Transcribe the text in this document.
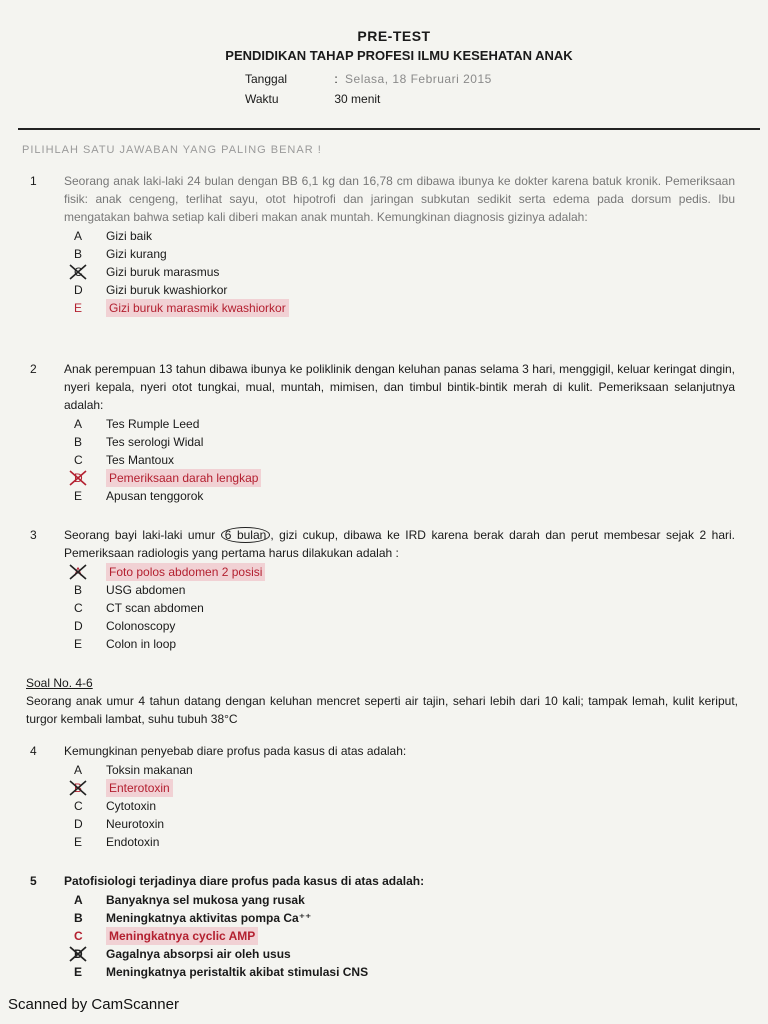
PRE-TEST
PENDIDIKAN TAHAP PROFESI ILMU KESEHATAN ANAK
Tanggal	: Selasa, 18 Februari 2015
Waktu	30 menit
PILIHLAH SATU JAWABAN YANG PALING BENAR !
1	Seorang anak laki-laki 24 bulan dengan BB 6,1 kg dan 16,78 cm dibawa ibunya ke dokter karena batuk kronik. Pemeriksaan fisik: anak cengeng, terlihat sayu, otot hipotrofi dan jaringan subkutan sedikit serta edema pada dorsum pedis. Ibu mengatakan bahwa setiap kali diberi makan anak muntah. Kemungkinan diagnosis gizinya adalah:
A Gizi baik
B Gizi kurang
C Gizi buruk marasmus
D Gizi buruk kwashiorkor
E Gizi buruk marasmik kwashiorkor
2	Anak perempuan 13 tahun dibawa ibunya ke poliklinik dengan keluhan panas selama 3 hari, menggigil, keluar keringat dingin, nyeri kepala, nyeri otot tungkai, mual, muntah, mimisen, dan timbul bintik-bintik merah di kulit. Pemeriksaan selanjutnya adalah:
A Tes Rumple Leed
B Tes serologi Widal
C Tes Mantoux
D Pemeriksaan darah lengkap
E Apusan tenggorok
3	Seorang bayi laki-laki umur 6 bulan , gizi cukup, dibawa ke IRD karena berak darah dan perut membesar sejak 2 hari. Pemeriksaan radiologis yang pertama harus dilakukan adalah :
A Foto polos abdomen 2 posisi
B USG abdomen
C CT scan abdomen
D Colonoscopy
E Colon in loop
Soal No. 4-6
Seorang anak umur 4 tahun datang dengan keluhan mencret seperti air tajin, sehari lebih dari 10 kali; tampak lemah, kulit keriput, turgor kembali lambat, suhu tubuh 38°C
4	Kemungkinan penyebab diare profus pada kasus di atas adalah:
A Toksin makanan
B Enterotoxin
C Cytotoxin
D Neurotoxin
E Endotoxin
5	Patofisiologi terjadinya diare profus pada kasus di atas adalah:
A Banyaknya sel mukosa yang rusak
B Meningkatnya aktivitas pompa Ca⁺⁺
C Meningkatnya cyclic AMP
D Gagalnya absorpsi air oleh usus
E Meningkatnya peristaltik akibat stimulasi CNS
Scanned by CamScanner
